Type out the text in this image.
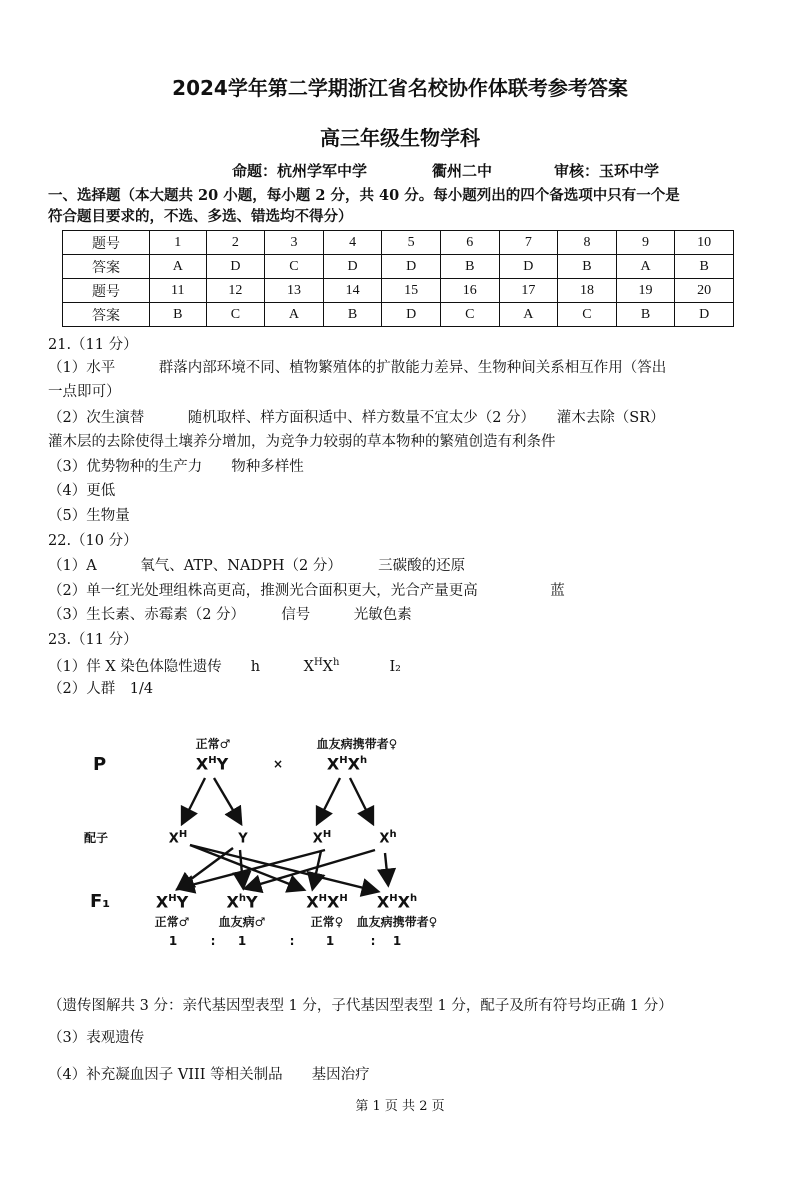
2024学年第二学期浙江省名校协作体联考参考答案
高三年级生物学科
命题：杭州学军中学	衢州二中	审核：玉环中学
一、选择题（本大题共 20 小题，每小题 2 分，共 40 分。每小题列出的四个备选项中只有一个是
符合题目要求的，不选、多选、错选均不得分）
题号	1	2	3	4	5	6	7	8	9	10
答案	A	D	C	D	D	B	D	B	A	B
题号	11	12	13	14	15	16	17	18	19	20
答案	B	C	A	B	D	C	A	C	B	D
21.（11 分）
（1）水平　　　群落内部环境不同、植物繁殖体的扩散能力差异、生物种间关系相互作用（答出
一点即可）
（2）次生演替　　　随机取样、样方面积适中、样方数量不宜太少（2 分）　　灌木去除（SR）
灌木层的去除使得土壤养分增加，为竞争力较弱的草本物种的繁殖创造有利条件
（3）优势物种的生产力　　物种多样性
（4）更低
（5）生物量
22.（10 分）
（1）A　　　氧气、ATP、NADPH（2 分）　　　三碳酸的还原
（2）单一红光处理组株高更高，推测光合面积更大，光合产量更高　　　　　蓝
（3）生长素、赤霉素（2 分）　　　信号　　　光敏色素
23.（11 分）
（1）伴 X 染色体隐性遗传　　h　　　$X^HX^h$	I₂
（2）人群　1/4
P
配子
F₁
正常♂
$X^HY$	×
血友病携带者♀
$X^HX^h$
$X^H$	Y	$X^H$	$X^h$
$X^HY$
正常♂
$X^hY$
血友病♂
$X^HX^H$
正常♀
$X^HX^h$
血友病携带者♀
1	: 1	:	1	: 1
（遗传图解共 3 分：亲代基因型表型 1 分，子代基因型表型 1 分，配子及所有符号均正确 1 分）
（3）表观遗传
（4）补充凝血因子 VIII 等相关制品　　基因治疗
第 1 页 共 2 页
